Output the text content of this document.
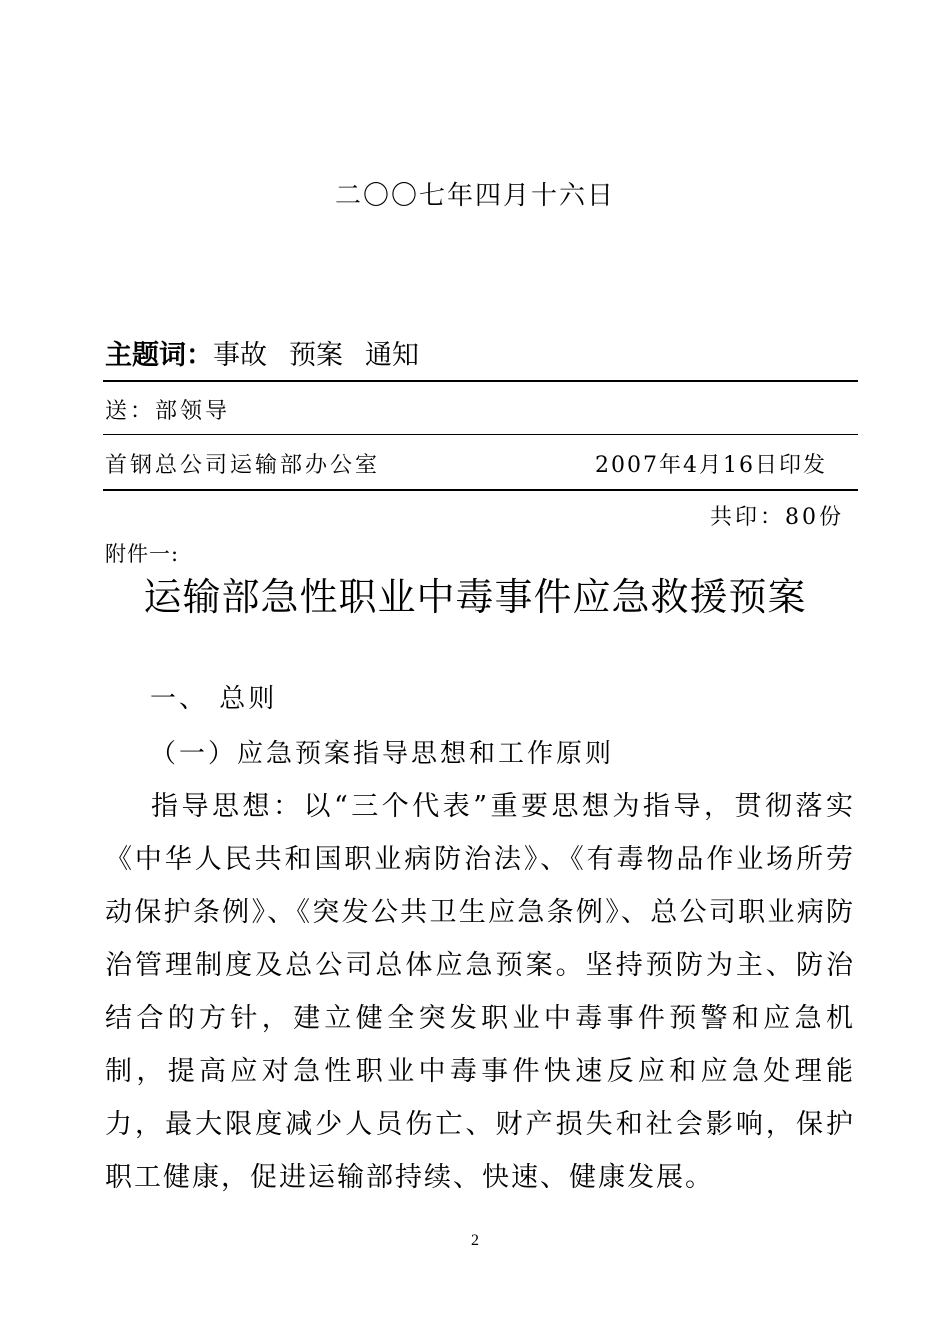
二〇〇七年四月十六日
主题词：事故 预案 通知
送：部领导
首钢总公司运输部办公室	2007年4月16日印发
共印：80份
附件一:
运输部急性职业中毒事件应急救援预案
一、 总则
（一）应急预案指导思想和工作原则

指导思想：以“三个代表”重要思想为指导，贯彻落实《中华人民共和国职业病防治法》、《有毒物品作业场所劳动保护条例》、《突发公共卫生应急条例》、总公司职业病防治管理制度及总公司总体应急预案。坚持预防为主、防治结合的方针，建立健全突发职业中毒事件预警和应急机制，提高应对急性职业中毒事件快速反应和应急处理能力，最大限度减少人员伤亡、财产损失和社会影响，保护职工健康，促进运输部持续、快速、健康发展。

2
